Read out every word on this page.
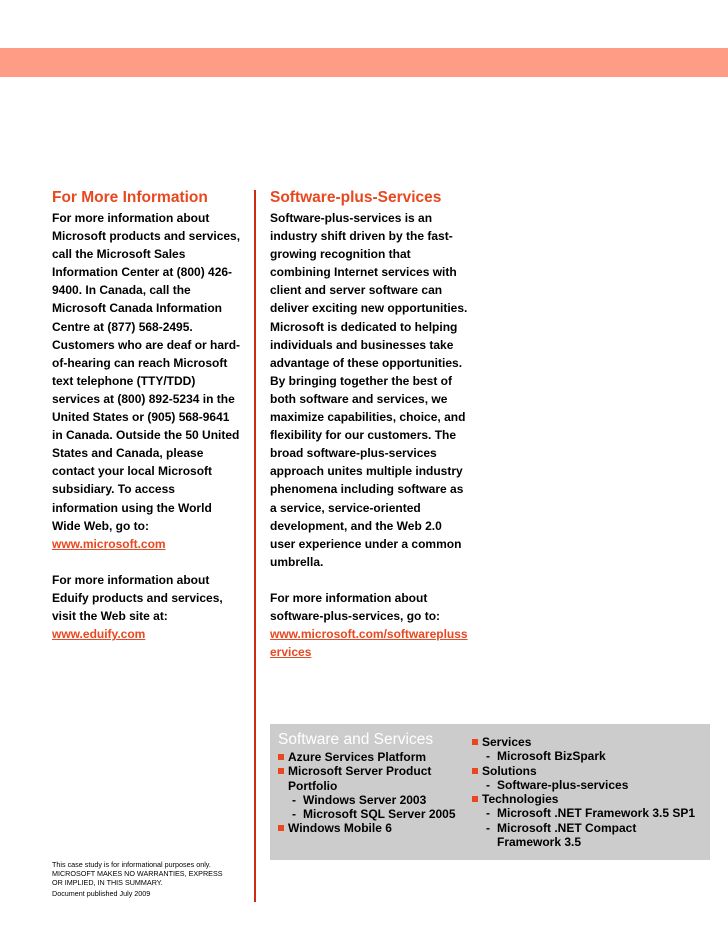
For More Information

For more information about Microsoft products and services, call the Microsoft Sales Information Center at (800) 426-9400. In Canada, call the Microsoft Canada Information Centre at (877) 568-2495. Customers who are deaf or hard-of-hearing can reach Microsoft text telephone (TTY/TDD) services at (800) 892-5234 in the United States or (905) 568-9641 in Canada. Outside the 50 United States and Canada, please contact your local Microsoft subsidiary. To access information using the World Wide Web, go to:
www.microsoft.com

For more information about Eduify products and services, visit the Web site at:
www.eduify.com

Software-plus-Services

Software-plus-services is an industry shift driven by the fast-growing recognition that combining Internet services with client and server software can deliver exciting new opportunities. Microsoft is dedicated to helping individuals and businesses take advantage of these opportunities. By bringing together the best of both software and services, we maximize capabilities, choice, and flexibility for our customers. The broad software-plus-services approach unites multiple industry phenomena including software as a service, service-oriented development, and the Web 2.0 user experience under a common umbrella.

For more information about software-plus-services, go to:
www.microsoft.com/softwareplusservices

Software and Services
Azure Services Platform
Microsoft Server Product Portfolio
- Windows Server 2003
- Microsoft SQL Server 2005
Windows Mobile 6
Services
- Microsoft BizSpark
Solutions
- Software-plus-services
Technologies
- Microsoft .NET Framework 3.5 SP1
- Microsoft .NET Compact Framework 3.5
This case study is for informational purposes only. MICROSOFT MAKES NO WARRANTIES, EXPRESS OR IMPLIED, IN THIS SUMMARY.
Document published July 2009
